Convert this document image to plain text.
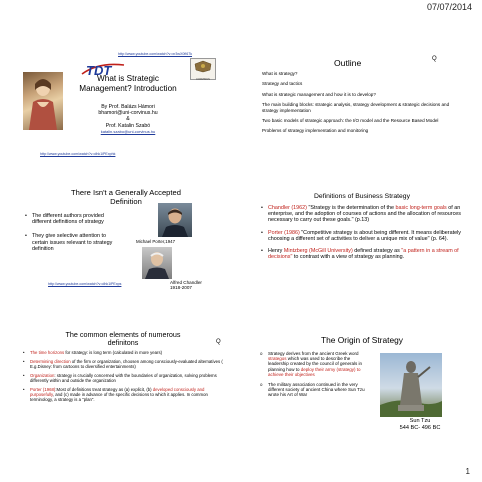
07/07/2014
http://www.youtube.com/watch?v=xr3wX0fi67k
TDT
CORVINUS
What is Strategic
Management? Introduction
By Prof. Balázs Hámori
bhamori@uni-corvinus.hu
&
Prof. Katalin Szabó
katalin.szabo@uni-corvinus.hu
http://www.youtube.com/watch?v=dhk1iPExphk
Outline	Ԛ
What is strategy?
Strategy and tactics
What is strategic management and how it is to develop?
The main building blocks: strategic analysis, strategy development & strategic decisions and strategy implementation
Two basic models of strategic approach: the I/O model and the Resource Based Model
Problems of strategy implementation and monitoring
There Isn't a Generally Accepted
Definition
• The different authors provided different definitions of strategy
• They give selective attention to certain issues relevant to strategy definition
Michael Porter,1947
Alfred Chandler
1918-2007
http://www.youtube.com/watch?v=dhk1iPExps
Definitions of Business Strategy
• Chandler (1962) "Strategy is the determination of the basic long-term goals of an enterprise, and the adoption of courses of actions and the allocation of resources necessary to carry out these goals." (p.13)
• Porter (1986) "Competitive strategy is about being different. It means deliberately choosing a different set of activities to deliver a unique mix of value" (p. 64).
• Henry Mintzberg (McGill University) defined strategy as "a pattern in a stream of decisions" to contrast with a view of strategy as planning.
The common elements of numerous
definitons	Ԛ
• The time horizons for strategy: is long term (calculated in more years)
• Determining direction of the firm or organization, choosen among consciously-evaluated alternatives ( E.g.Disney: from cartoons to diversified entertainments)
• Organization: strategy is crucially concerned with the boundaries of organization, solving problems differently within and outside the organization
• Porter (1968):Most of definitions treat strategy as (a) explicit, (b) developed consciously and purposefully, and (c) made in advance of the specific decisions to which it applies. In common terminology, a strategy is a "plan".
The Origin of Strategy
o Strategy derives from the ancient Greek word strategos which was used to describe the leadership created by the council of generals in planning how to deploy their army (strategy) to achieve their objectives
o The military association continued in the very different society of ancient China where Sun Tzu wrote his Art of War
Sun Tzu
544 BC- 496 BC
1
